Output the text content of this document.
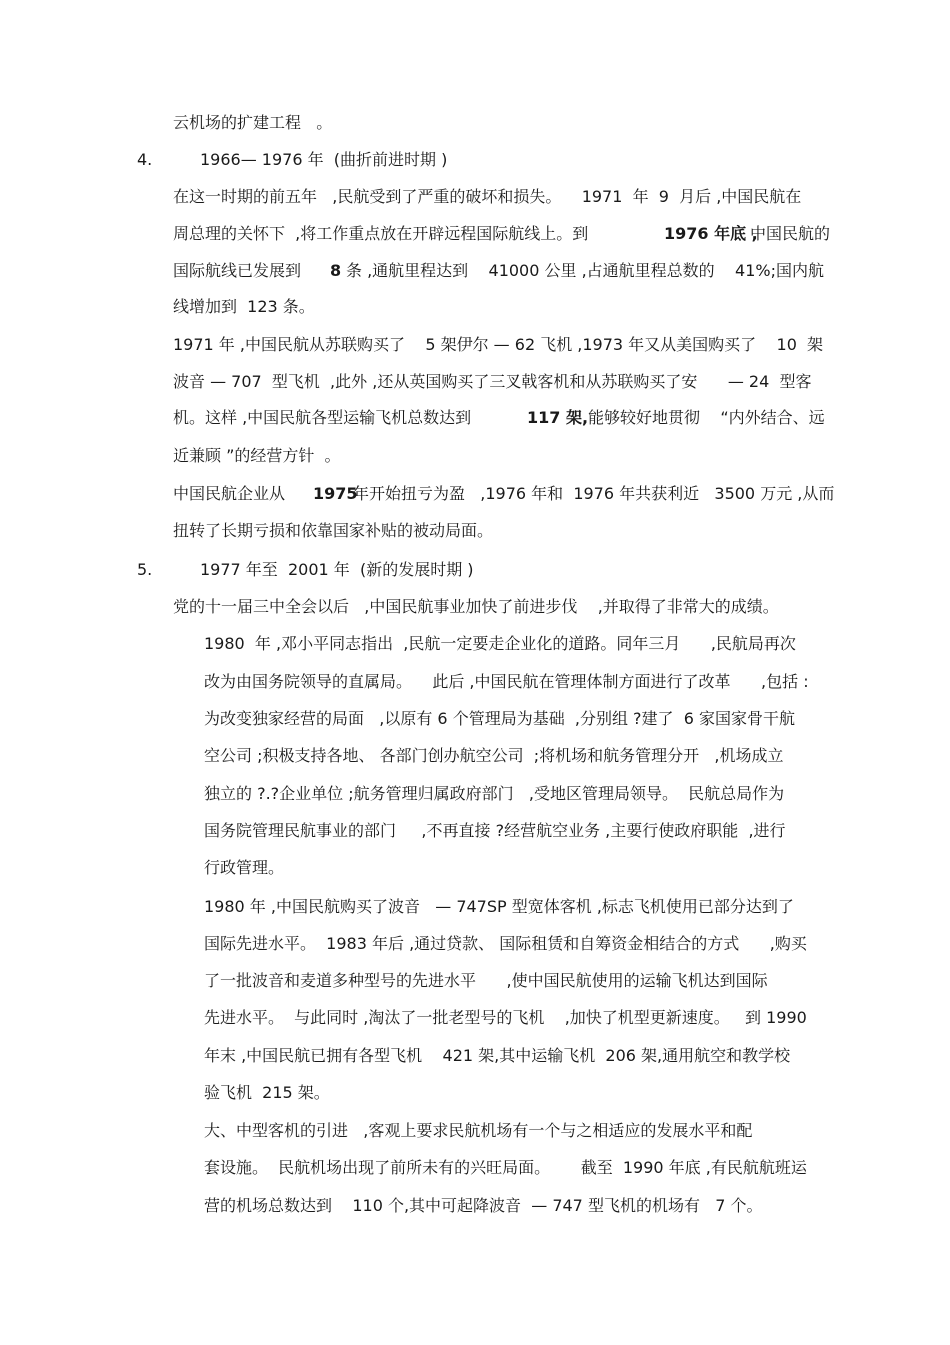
云机场的扩建工程   。
4.	1966— 1976 年  (曲折前进时期 )
在这一时期的前五年   ,民航受到了严重的破坏和损失。    1971  年  9  月后 ,中国民航在
周总理的关怀下  ,将工作重点放在开辟远程国际航线上。到	1976 年底 ,
中国民航的
国际航线已发展到 8 条 ,通航里程达到    41000 公里 ,占通航里程总数的    41%;国内航
线增加到  123 条。
1971 年 ,中国民航从苏联购买了    5 架伊尔 — 62 飞机 ,1973 年又从美国购买了    10  架
波音 — 707  型飞机  ,此外 ,还从英国购买了三叉戟客机和从苏联购买了安      — 24  型客
机。这样 ,中国民航各型运输飞机总数达到	117 架, 能够较好地贯彻    “内外结合、远
近兼顾 ”的经营方针  。
中国民航企业从 1975
年开始扭亏为盈   ,1976 年和  1976 年共获利近   3500 万元 ,从而
扭转了长期亏损和依靠国家补贴的被动局面。
5.	1977 年至  2001 年  (新的发展时期 )
党的十一届三中全会以后   ,中国民航事业加快了前进步伐    ,并取得了非常大的成绩。
1980  年 ,邓小平同志指出  ,民航一定要走企业化的道路。同年三月      ,民航局再次
改为由国务院领导的直属局。    此后 ,中国民航在管理体制方面进行了改革      ,包括 :
为改变独家经营的局面   ,以原有 6 个管理局为基础  ,分别组 ?建了  6 家国家骨干航
空公司 ;积极支持各地、 各部门创办航空公司  ;将机场和航务管理分开   ,机场成立
独立的 ?.?企业单位 ;航务管理归属政府部门   ,受地区管理局领导。  民航总局作为
国务院管理民航事业的部门     ,不再直接 ?经营航空业务 ,主要行使政府职能  ,进行
行政管理。
1980 年 ,中国民航购买了波音   — 747SP 型宽体客机 ,标志飞机使用已部分达到了
国际先进水平。  1983 年后 ,通过贷款、 国际租赁和自筹资金相结合的方式      ,购买
了一批波音和麦道多种型号的先进水平      ,使中国民航使用的运输飞机达到国际
先进水平。  与此同时 ,淘汰了一批老型号的飞机    ,加快了机型更新速度。   到 1990
年末 ,中国民航已拥有各型飞机    421 架,其中运输飞机  206 架,通用航空和教学校
验飞机  215 架。
大、中型客机的引进   ,客观上要求民航机场有一个与之相适应的发展水平和配
套设施。  民航机场出现了前所未有的兴旺局面。      截至  1990 年底 ,有民航航班运
营的机场总数达到    110 个,其中可起降波音  — 747 型飞机的机场有   7 个。
